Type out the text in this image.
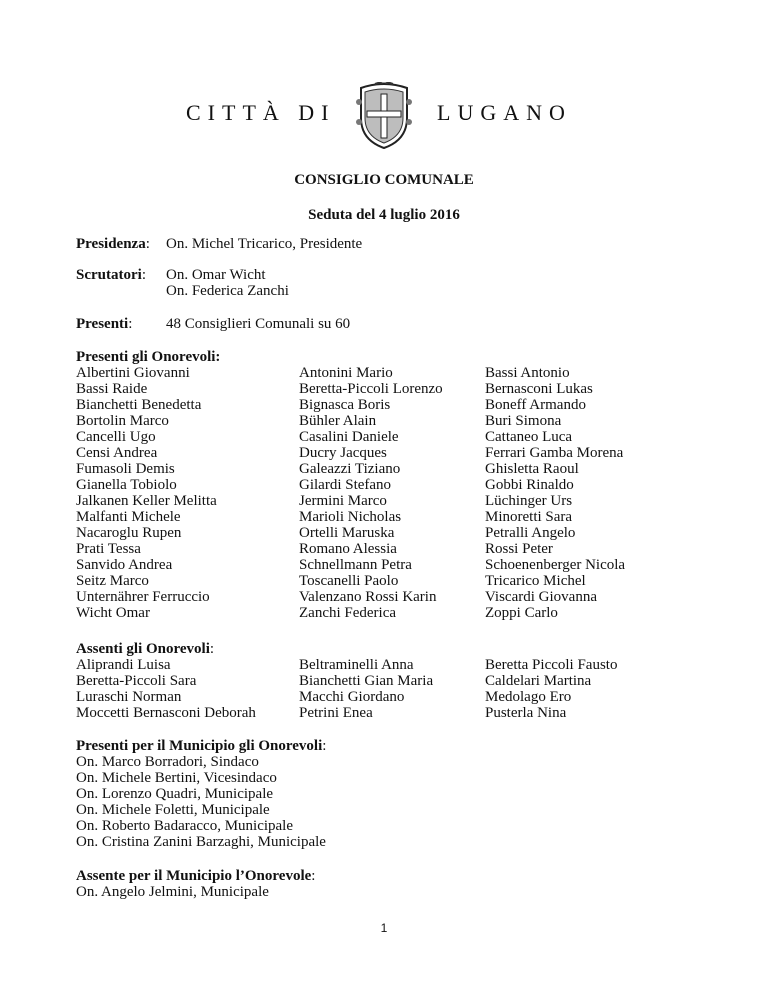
CITTÀ DI	LUGANO
CONSIGLIO COMUNALE
Seduta del 4 luglio 2016
Presidenza: On. Michel Tricarico, Presidente
Scrutatori: On. Omar Wicht
On. Federica Zanchi
Presenti: 48 Consiglieri Comunali su 60
Presenti gli Onorevoli:
Albertini Giovanni
Bassi Raide
Bianchetti Benedetta
Bortolin Marco
Cancelli Ugo
Censi Andrea
Fumasoli Demis
Gianella Tobiolo
Jalkanen Keller Melitta
Malfanti Michele
Nacaroglu Rupen
Prati Tessa
Sanvido Andrea
Seitz Marco
Unternährer Ferruccio
Wicht Omar
Antonini Mario
Beretta-Piccoli Lorenzo
Bignasca Boris
Bühler Alain
Casalini Daniele
Ducry Jacques
Galeazzi Tiziano
Gilardi Stefano
Jermini Marco
Marioli Nicholas
Ortelli Maruska
Romano Alessia
Schnellmann Petra
Toscanelli Paolo
Valenzano Rossi Karin
Zanchi Federica
Bassi Antonio
Bernasconi Lukas
Boneff Armando
Buri Simona
Cattaneo Luca
Ferrari Gamba Morena
Ghisletta Raoul
Gobbi Rinaldo
Lüchinger Urs
Minoretti Sara
Petralli Angelo
Rossi Peter
Schoenenberger Nicola
Tricarico Michel
Viscardi Giovanna
Zoppi Carlo
Assenti gli Onorevoli:
Aliprandi Luisa
Beretta-Piccoli Sara
Luraschi Norman
Moccetti Bernasconi Deborah
Beltraminelli Anna
Bianchetti Gian Maria
Macchi Giordano
Petrini Enea
Beretta Piccoli Fausto
Caldelari Martina
Medolago Ero
Pusterla Nina
Presenti per il Municipio gli Onorevoli:
On. Marco Borradori, Sindaco
On. Michele Bertini, Vicesindaco
On. Lorenzo Quadri, Municipale
On. Michele Foletti, Municipale
On. Roberto Badaracco, Municipale
On. Cristina Zanini Barzaghi, Municipale
Assente per il Municipio l’Onorevole:
On. Angelo Jelmini, Municipale
1
